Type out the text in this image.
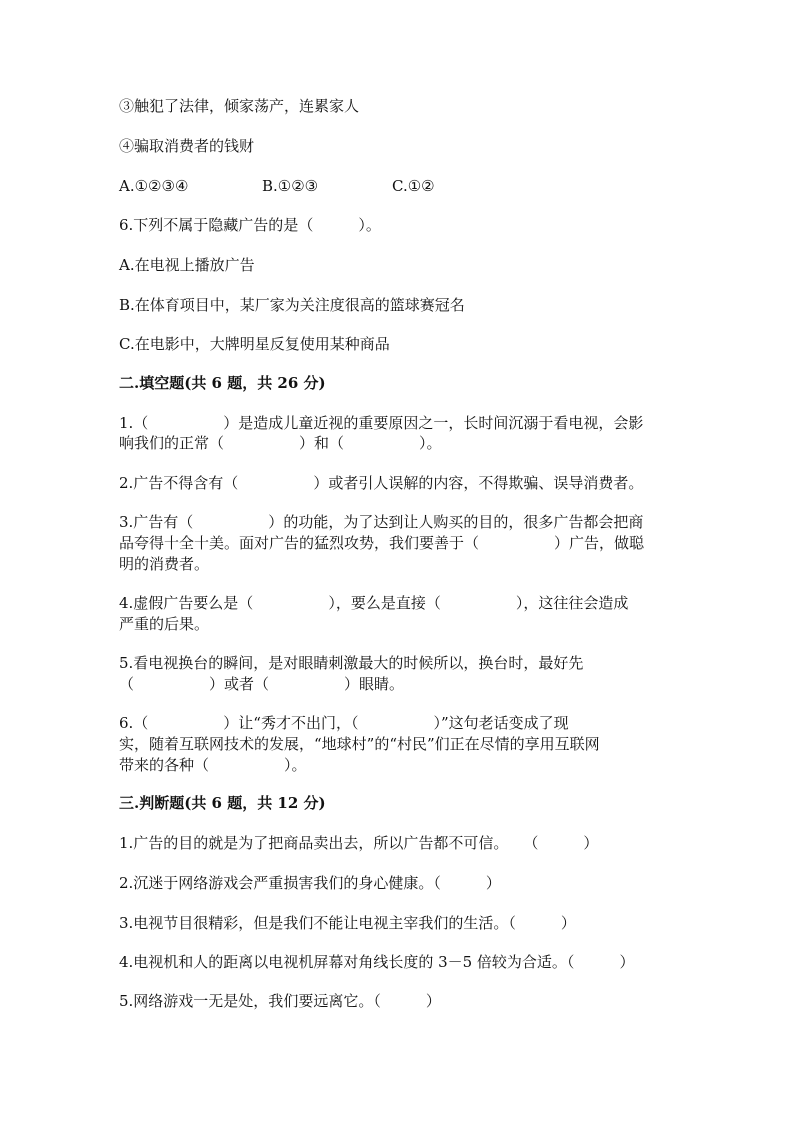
③触犯了法律，倾家荡产，连累家人
④骗取消费者的钱财
A.①②③④	B.①②③	C.①②
6.下列不属于隐藏广告的是（　　　）。
A.在电视上播放广告
B.在体育项目中，某厂家为关注度很高的篮球赛冠名
C.在电影中，大牌明星反复使用某种商品
二.填空题(共 6 题，共 26 分)
1.（　　　　　）是造成儿童近视的重要原因之一，长时间沉溺于看电视，会影
响我们的正常（　　　　　）和（　　　　　）。
2.广告不得含有（　　　　　）或者引人误解的内容，不得欺骗、误导消费者。
3.广告有（　　　　　）的功能，为了达到让人购买的目的，很多广告都会把商
品夸得十全十美。面对广告的猛烈攻势，我们要善于（　　　　　）广告，做聪
明的消费者。
4.虚假广告要么是（　　　　　），要么是直接（　　　　　），这往往会造成
严重的后果。
5.看电视换台的瞬间，是对眼睛刺激最大的时候所以，换台时，最好先
（　　　　　）或者（　　　　　）眼睛。
6.（　　　　　）让“秀才不出门，（　　　　　）”这句老话变成了现
实，随着互联网技术的发展，“地球村”的“村民”们正在尽情的享用互联网
带来的各种（　　　　　）。
三.判断题(共 6 题，共 12 分)
1.广告的目的就是为了把商品卖出去，所以广告都不可信。　　（　　　）
2.沉迷于网络游戏会严重损害我们的身心健康。（　　　）
3.电视节目很精彩，但是我们不能让电视主宰我们的生活。（　　　）
4.电视机和人的距离以电视机屏幕对角线长度的 3－5 倍较为合适。（　　　）
5.网络游戏一无是处，我们要远离它。（　　　）
